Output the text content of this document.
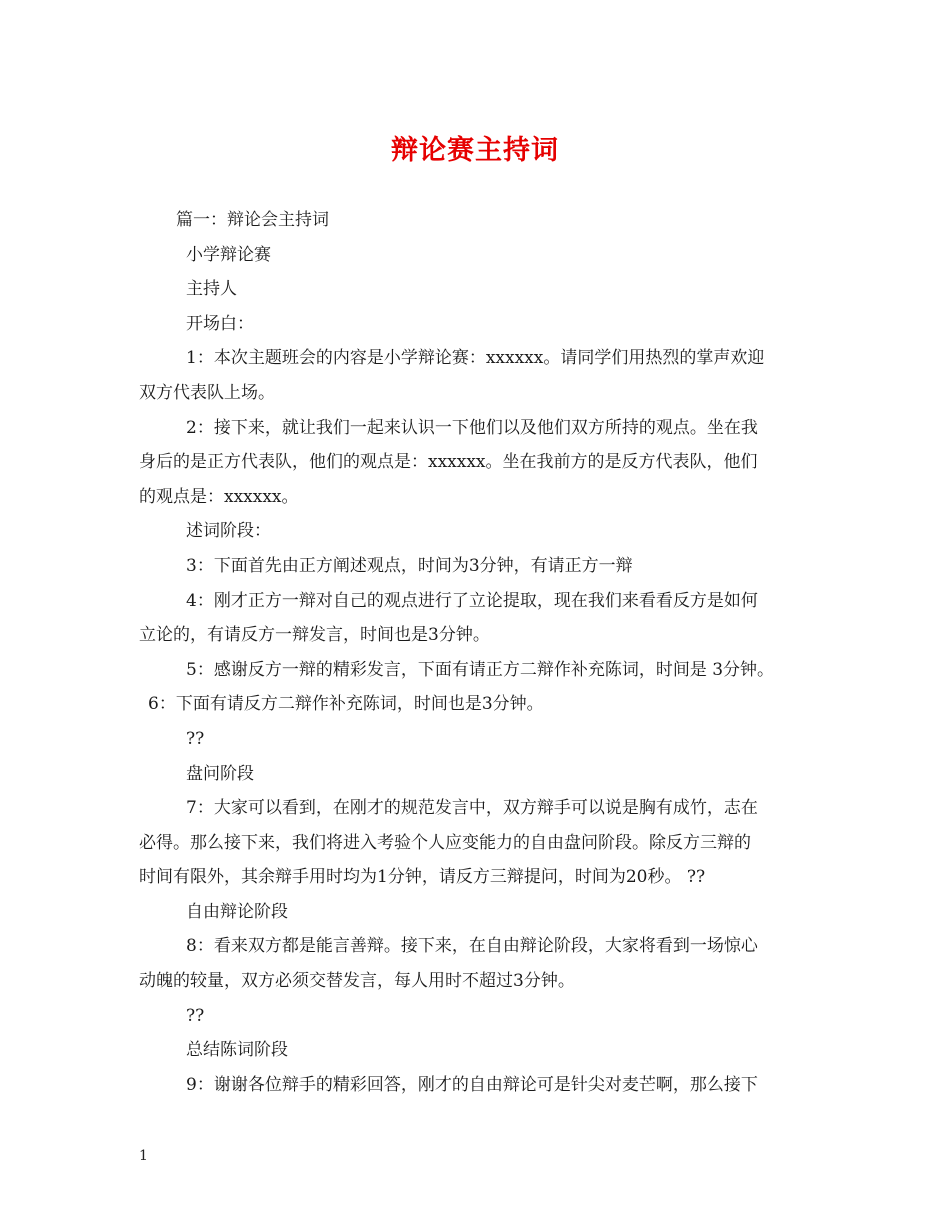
辩论赛主持词

篇一：辩论会主持词

小学辩论赛

主持人

开场白：

1：本次主题班会的内容是小学辩论赛：xxxxxx。请同学们用热烈的掌声欢迎

双方代表队上场。

2：接下来，就让我们一起来认识一下他们以及他们双方所持的观点。坐在我

身后的是正方代表队，他们的观点是：xxxxxx。坐在我前方的是反方代表队，他们

的观点是：xxxxxx。

述词阶段：

3：下面首先由正方阐述观点，时间为3分钟，有请正方一辩

4：刚才正方一辩对自己的观点进行了立论提取，现在我们来看看反方是如何

立论的，有请反方一辩发言，时间也是3分钟。

5：感谢反方一辩的精彩发言，下面有请正方二辩作补充陈词，时间是 3分钟。

6：下面有请反方二辩作补充陈词，时间也是3分钟。

??

盘问阶段

7：大家可以看到，在刚才的规范发言中，双方辩手可以说是胸有成竹，志在

必得。那么接下来，我们将进入考验个人应变能力的自由盘问阶段。除反方三辩的

时间有限外，其余辩手用时均为1分钟，请反方三辩提问，时间为20秒。 ??

自由辩论阶段

8：看来双方都是能言善辩。接下来，在自由辩论阶段，大家将看到一场惊心

动魄的较量，双方必须交替发言，每人用时不超过3分钟。

??

总结陈词阶段

9：谢谢各位辩手的精彩回答，刚才的自由辩论可是针尖对麦芒啊，那么接下

1
